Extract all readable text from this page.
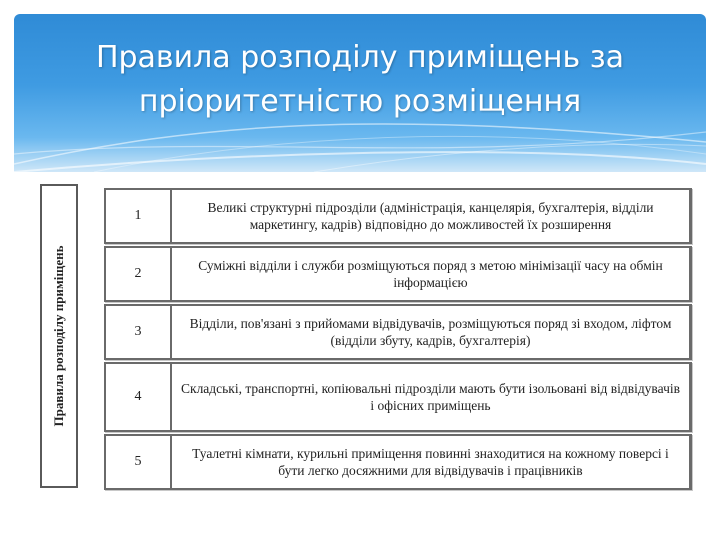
Правила розподілу приміщень за
пріоритетністю розміщення
Правила розподілу приміщень
1
Великі структурні підрозділи (адміністрація, канцелярія, бухгалтерія, відділи маркетингу, кадрів) відповідно до можливостей їх розширення
2
Суміжні відділи і служби розміщуються поряд з метою мінімізації часу на обмін інформацією
3
Відділи, пов'язані з прийомами відвідувачів, розміщуються поряд зі входом, ліфтом (відділи збуту, кадрів, бухгалтерія)
4
Складські, транспортні, копіювальні підрозділи мають бути ізольовані від відвідувачів і офісних приміщень
5
Туалетні кімнати, курильні приміщення повинні знаходитися на кожному поверсі і бути легко досяжними для відвідувачів і працівників
